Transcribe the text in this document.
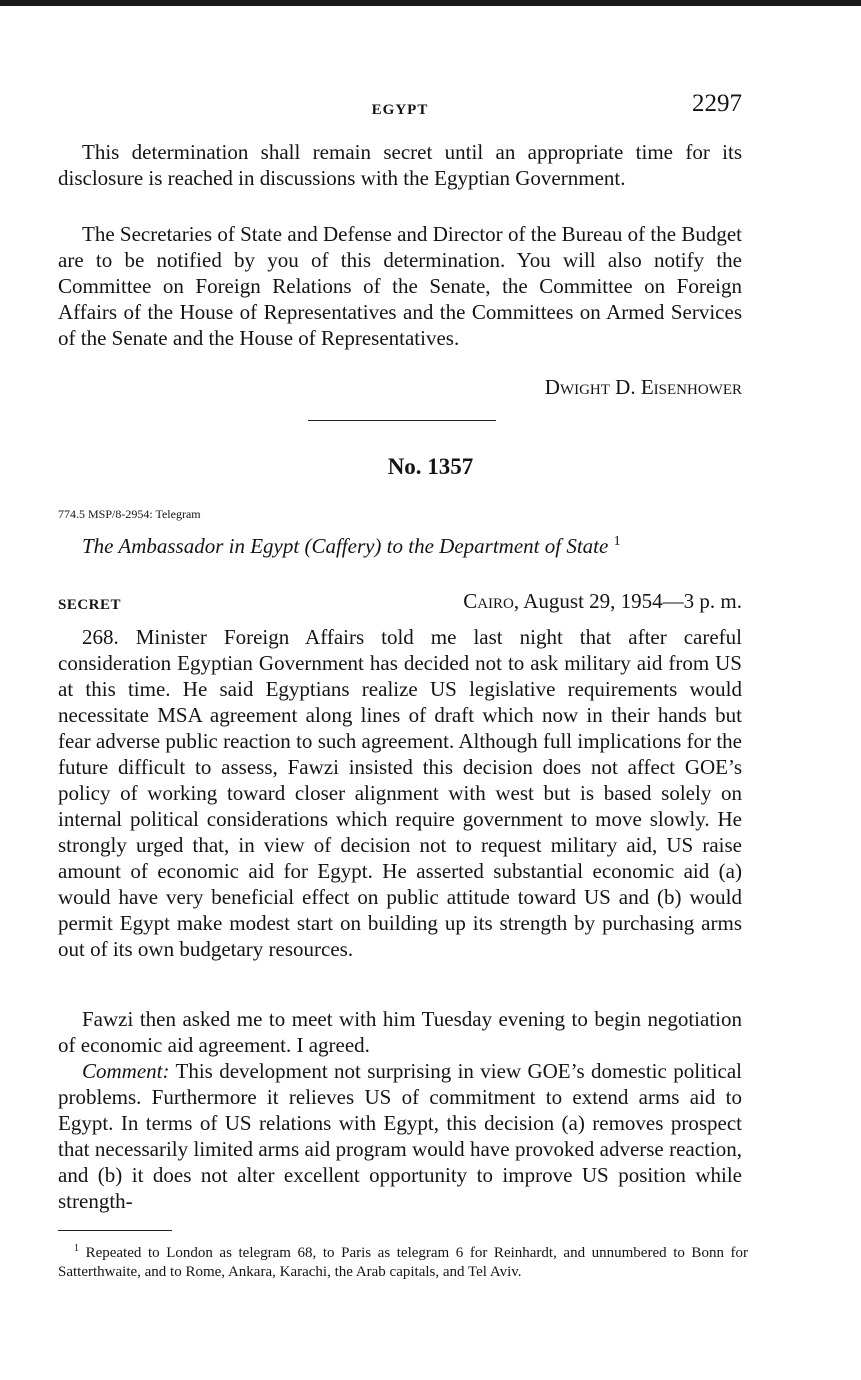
EGYPT	2297

This determination shall remain secret until an appropriate time for its disclosure is reached in discussions with the Egyptian Government.

The Secretaries of State and Defense and Director of the Bureau of the Budget are to be notified by you of this determination. You will also notify the Committee on Foreign Relations of the Senate, the Committee on Foreign Affairs of the House of Representatives and the Committees on Armed Services of the Senate and the House of Representatives.

Dwight D. Eisenhower
No. 1357
774.5 MSP/8-2954: Telegram
The Ambassador in Egypt (Caffery) to the Department of State $^1$
SECRET	Cairo, August 29, 1954—3 p. m.

268. Minister Foreign Affairs told me last night that after careful consideration Egyptian Government has decided not to ask military aid from US at this time. He said Egyptians realize US legislative requirements would necessitate MSA agreement along lines of draft which now in their hands but fear adverse public reaction to such agreement. Although full implications for the future difficult to assess, Fawzi insisted this decision does not affect GOE’s policy of working toward closer alignment with west but is based solely on internal political considerations which require government to move slowly. He strongly urged that, in view of decision not to request military aid, US raise amount of economic aid for Egypt. He asserted substantial economic aid (a) would have very beneficial effect on public attitude toward US and (b) would permit Egypt make modest start on building up its strength by purchasing arms out of its own budgetary resources.

Fawzi then asked me to meet with him Tuesday evening to begin negotiation of economic aid agreement. I agreed.

Comment: This development not surprising in view GOE’s domestic political problems. Furthermore it relieves US of commitment to extend arms aid to Egypt. In terms of US relations with Egypt, this decision (a) removes prospect that necessarily limited arms aid program would have provoked adverse reaction, and (b) it does not alter excellent opportunity to improve US position while strength-

$^1$ Repeated to London as telegram 68, to Paris as telegram 6 for Reinhardt, and unnumbered to Bonn for Satterthwaite, and to Rome, Ankara, Karachi, the Arab capitals, and Tel Aviv.
